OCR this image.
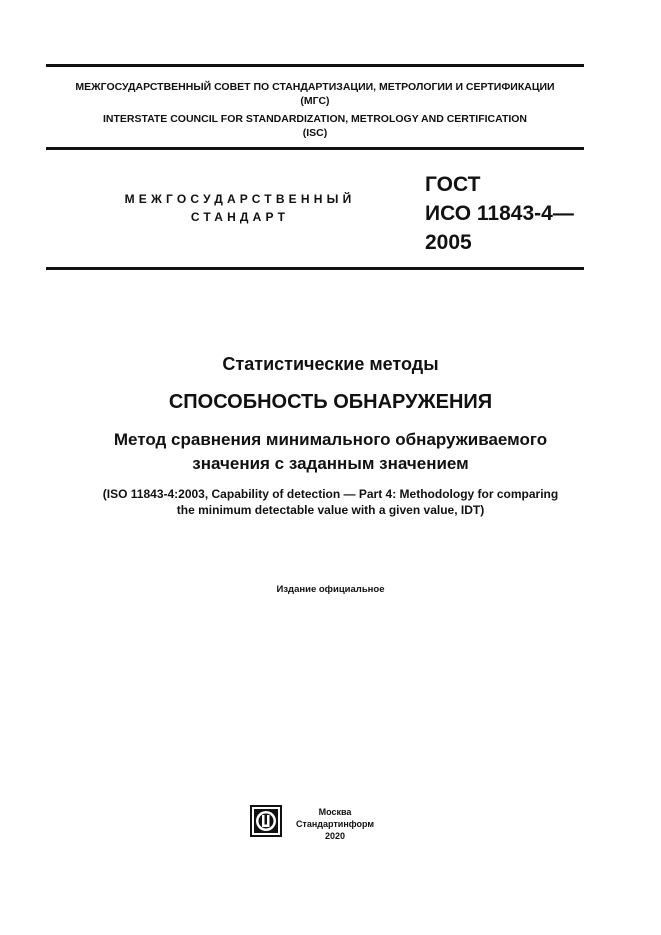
МЕЖГОСУДАРСТВЕННЫЙ СОВЕТ ПО СТАНДАРТИЗАЦИИ, МЕТРОЛОГИИ И СЕРТИФИКАЦИИ
(МГС)
INTERSTATE COUNCIL FOR STANDARDIZATION, METROLOGY AND CERTIFICATION
(ISC)
МЕЖГОСУДАРСТВЕННЫЙ
СТАНДАРТ
ГОСТ
ИСО 11843-4—
2005
Статистические методы
СПОСОБНОСТЬ ОБНАРУЖЕНИЯ
Метод сравнения минимального обнаруживаемого
значения с заданным значением
(ISO 11843-4:2003, Capability of detection — Part 4: Methodology for comparing
the minimum detectable value with a given value, IDT)
Издание официальное
Москва
Стандартинформ
2020
